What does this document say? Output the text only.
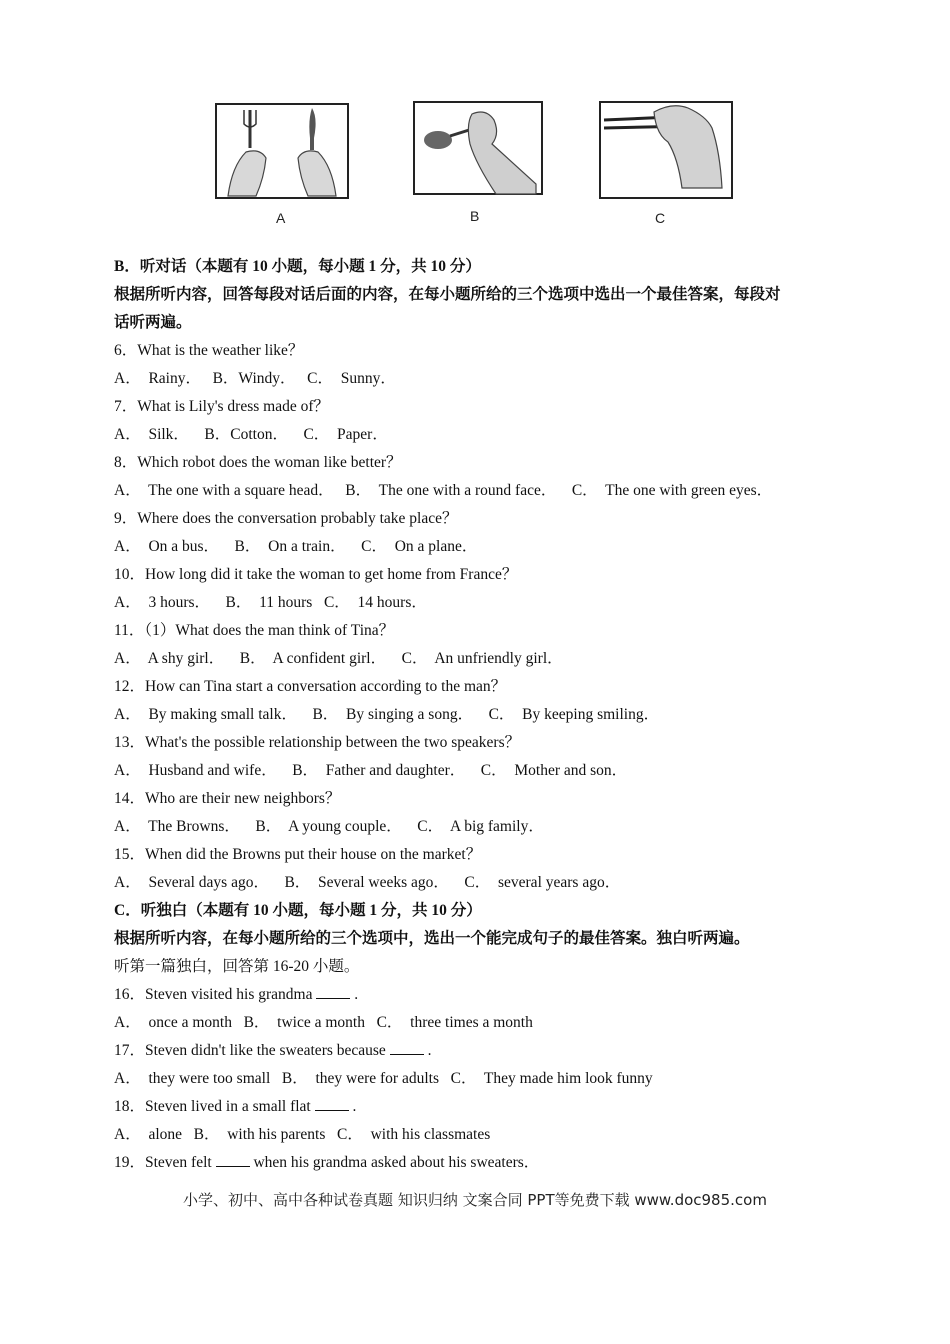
A	B	C
B．听对话（本题有 10 小题，每小题 1 分，共 10 分）
根据所听内容，回答每段对话后面的内容，在每小题所给的三个选项中选出一个最佳答案，每段对
话听两遍。
6．What is the weather like？
A．  Rainy．   B．Windy．   C．  Sunny．
7．What is Lily's dress made of？
A．  Silk．    B．Cotton．    C．  Paper．
8．Which robot does the woman like better？
A．  The one with a square head．   B．  The one with a round face．    C．  The one with green eyes．
9．Where does the conversation probably take place？
A．  On a bus．    B．  On a train．    C．  On a plane．
10．How long did it take the woman to get home from France？
A．  3 hours．    B．  11 hours   C．  14 hours．
11．（1）What does the man think of Tina？
A．  A shy girl．    B．  A confident girl．    C．  An unfriendly girl．
12．How can Tina start a conversation according to the man？
A．  By making small talk．    B．  By singing a song．    C．  By keeping smiling．
13．What's the possible relationship between the two speakers？
A．  Husband and wife．    B．  Father and daughter．    C．  Mother and son．
14．Who are their new neighbors？
A．  The Browns．    B．  A young couple．    C．  A big family．
15．When did the Browns put their house on the market？
A．  Several days ago．    B．  Several weeks ago．    C．  several years ago．
C．听独白（本题有 10 小题，每小题 1 分，共 10 分）
根据所听内容，在每小题所给的三个选项中，选出一个能完成句子的最佳答案。独白听两遍。
听第一篇独白，回答第 16-20 小题。
16．Steven visited his grandma  .
A．  once a month   B．  twice a month   C．  three times a month
17．Steven didn't like the sweaters because  .
A．  they were too small   B．  they were for adults   C．  They made him look funny
18．Steven lived in a small flat  .
A．  alone   B．  with his parents   C．  with his classmates
19．Steven felt  when his grandma asked about his sweaters．
小学、初中、高中各种试卷真题 知识归纳 文案合同 PPT等免费下载 www.doc985.com
